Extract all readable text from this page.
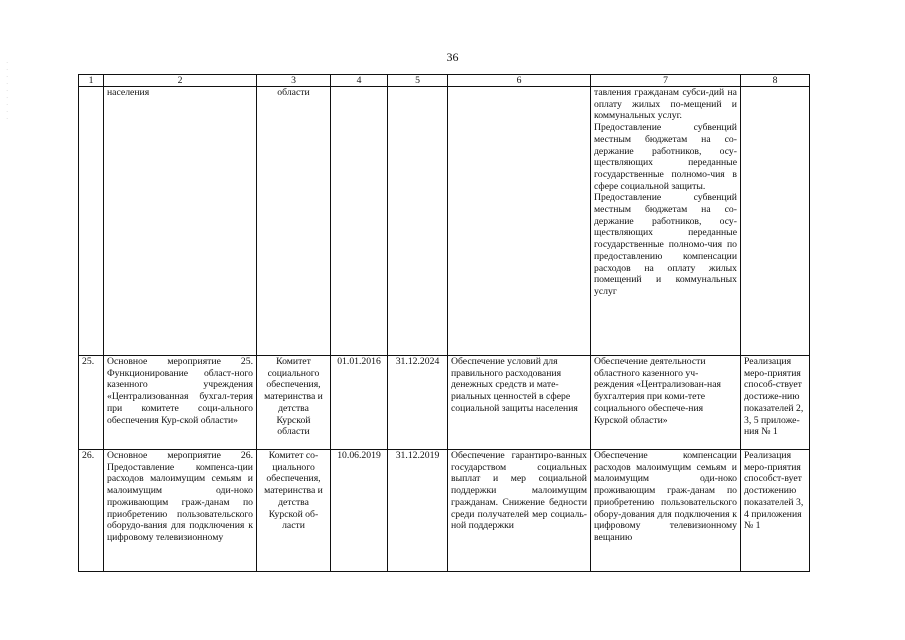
·
·
·
·
·
·
·
·
·
36
1	2	3	4	5	6	7	8
	населения	области				тавления гражданам субси-дий на оплату жилых по-мещений и коммунальных услуг.
Предоставление субвенций местным бюджетам на со-держание работников, осу-ществляющих переданные государственные полномо-чия в сфере социальной защиты.
Предоставление субвенций местным бюджетам на со-держание работников, осу-ществляющих переданные государственные полномо-чия по предоставлению компенсации расходов на оплату жилых помещений и коммунальных услуг	

25.	Основное мероприятие 25. Функционирование област-ного казенного учреждения «Централизованная бухгал-терия при комитете соци-ального обеспечения Кур-ской области»	Комитет социального обеспечения, материнства и детства Курской области	01.01.2016	31.12.2024	Обеспечение условий для правильного расходования денежных средств и мате-риальных ценностей в сфере социальной защиты населения	Обеспечение деятельности областного казенного уч-реждения «Централизован-ная бухгалтерия при коми-тете социального обеспече-ния Курской области»	Реализация меро-приятия способ-ствует достиже-нию показателей 2, 3, 5 приложе-ния № 1
26.	Основное мероприятие 26. Предоставление компенса-ции расходов малоимущим семьям и малоимущим оди-ноко проживающим граж-данам по приобретению пользовательского оборудо-вания для подключения к цифровому телевизионному	Комитет со-циального обеспечения, материнства и детства Курской об-ласти	10.06.2019	31.12.2019	Обеспечение гарантиро-ванных государством социальных выплат и мер социальной поддержки малоимущим гражданам. Снижение бедности среди получателей мер социаль-ной поддержки	Обеспечение компенсации расходов малоимущим семьям и малоимущим оди-ноко проживающим граж-данам по приобретению пользовательского обору-дования для подключения к цифровому телевизионному вещанию	Реализация меро-приятия способст-вует достижению показателей 3, 4 приложения № 1
